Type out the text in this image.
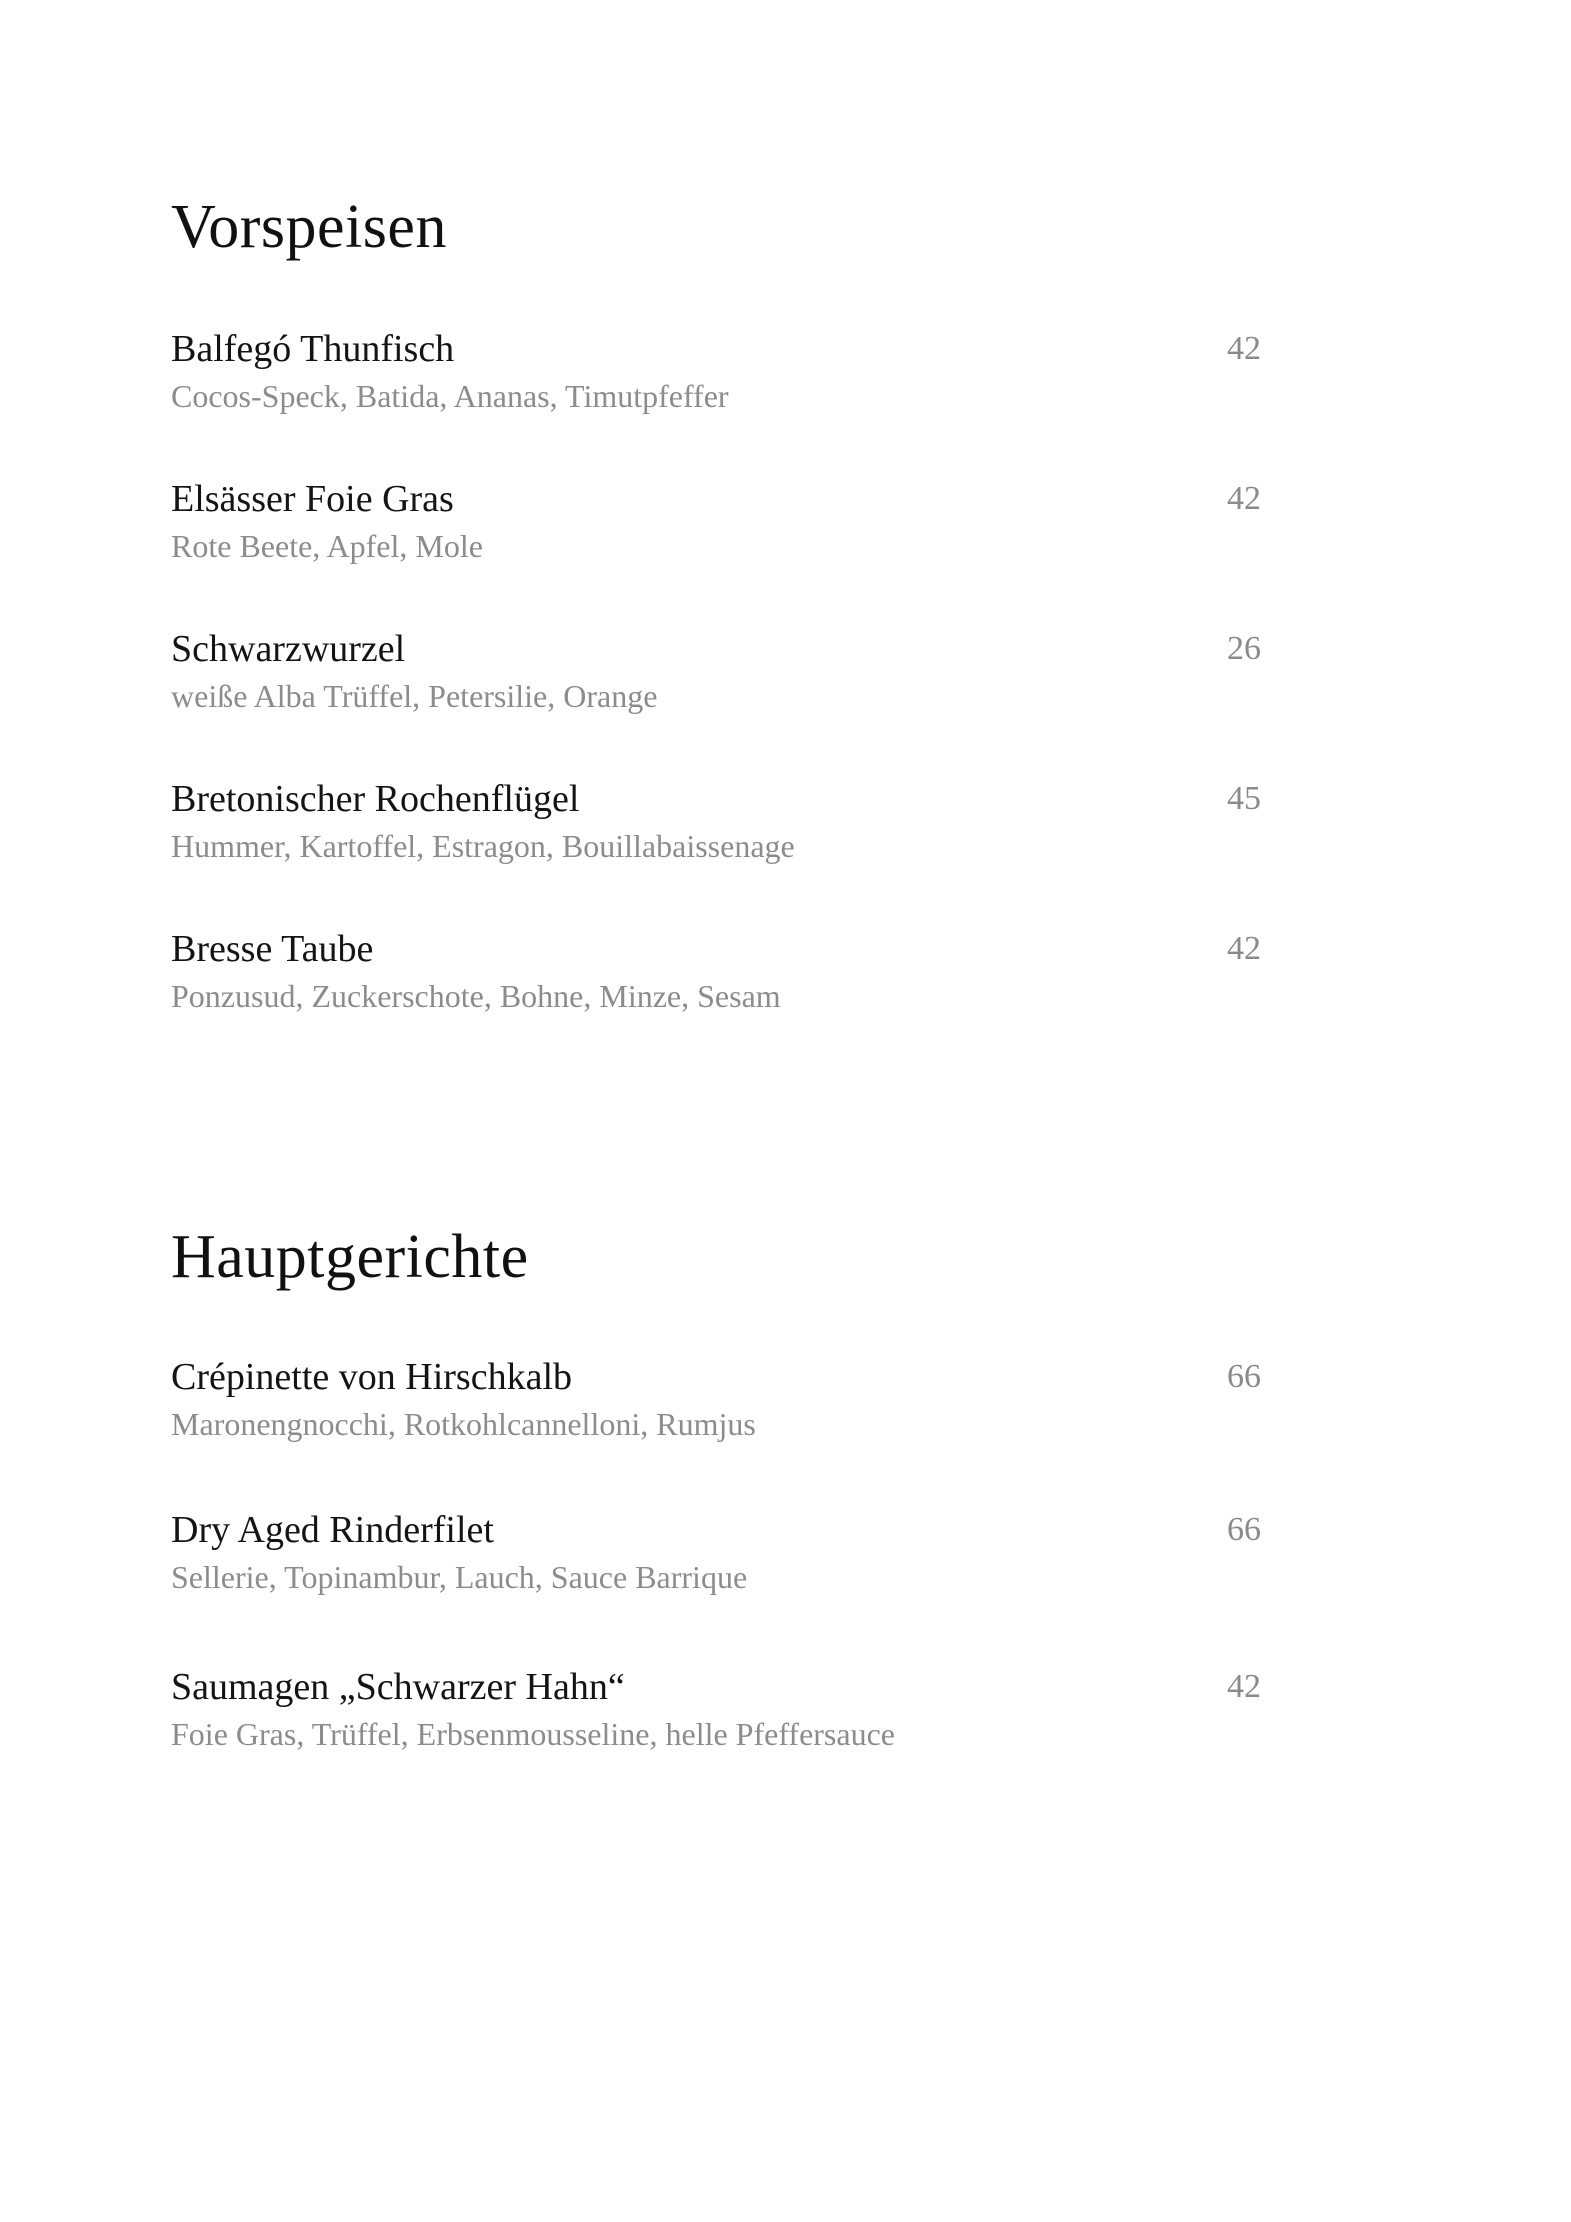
Vorspeisen
Balfegó Thunfisch	42
Cocos-Speck, Batida, Ananas, Timutpfeffer
Elsässer Foie Gras	42
Rote Beete, Apfel, Mole
Schwarzwurzel	26
weiße Alba Trüffel, Petersilie, Orange
Bretonischer Rochenflügel	45
Hummer, Kartoffel, Estragon, Bouillabaissenage
Bresse Taube	42
Ponzusud, Zuckerschote, Bohne, Minze, Sesam
Hauptgerichte
Crépinette von Hirschkalb	66
Maronengnocchi, Rotkohlcannelloni, Rumjus
Dry Aged Rinderfilet	66
Sellerie, Topinambur, Lauch, Sauce Barrique
Saumagen „Schwarzer Hahn“	42
Foie Gras, Trüffel, Erbsenmousseline, helle Pfeffersauce
